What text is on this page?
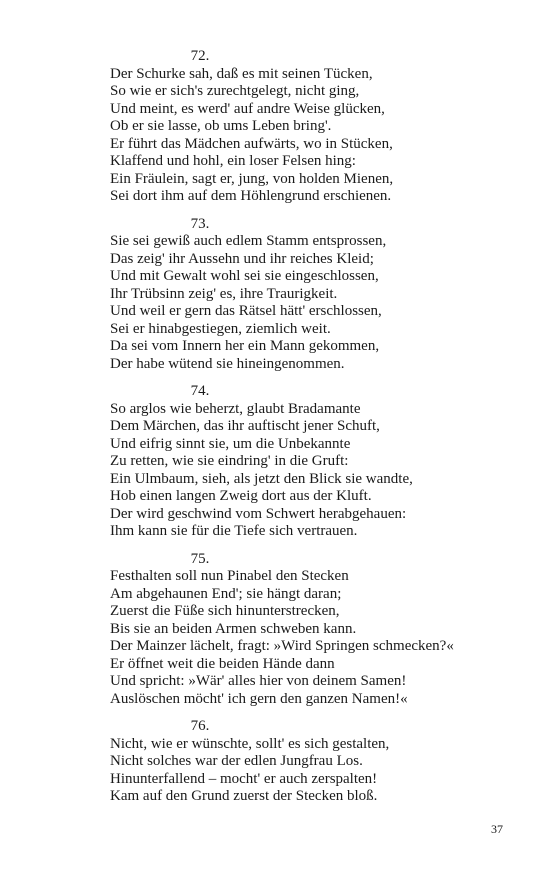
72.
Der Schurke sah, daß es mit seinen Tücken,
So wie er sich's zurechtgelegt, nicht ging,
Und meint, es werd' auf andre Weise glücken,
Ob er sie lasse, ob ums Leben bring'.
Er führt das Mädchen aufwärts, wo in Stücken,
Klaffend und hohl, ein loser Felsen hing:
Ein Fräulein, sagt er, jung, von holden Mienen,
Sei dort ihm auf dem Höhlengrund erschienen.
73.
Sie sei gewiß auch edlem Stamm entsprossen,
Das zeig' ihr Aussehn und ihr reiches Kleid;
Und mit Gewalt wohl sei sie eingeschlossen,
Ihr Trübsinn zeig' es, ihre Traurigkeit.
Und weil er gern das Rätsel hätt' erschlossen,
Sei er hinabgestiegen, ziemlich weit.
Da sei vom Innern her ein Mann gekommen,
Der habe wütend sie hineingenommen.
74.
So arglos wie beherzt, glaubt Bradamante
Dem Märchen, das ihr auftischt jener Schuft,
Und eifrig sinnt sie, um die Unbekannte
Zu retten, wie sie eindring' in die Gruft:
Ein Ulmbaum, sieh, als jetzt den Blick sie wandte,
Hob einen langen Zweig dort aus der Kluft.
Der wird geschwind vom Schwert herabgehauen:
Ihm kann sie für die Tiefe sich vertrauen.
75.
Festhalten soll nun Pinabel den Stecken
Am abgehaunen End'; sie hängt daran;
Zuerst die Füße sich hinunterstrecken,
Bis sie an beiden Armen schweben kann.
Der Mainzer lächelt, fragt: »Wird Springen schmecken?«
Er öffnet weit die beiden Hände dann
Und spricht: »Wär' alles hier von deinem Samen!
Auslöschen möcht' ich gern den ganzen Namen!«
76.
Nicht, wie er wünschte, sollt' es sich gestalten,
Nicht solches war der edlen Jungfrau Los.
Hinunterfallend – mocht' er auch zerspalten!
Kam auf den Grund zuerst der Stecken bloß.
37
